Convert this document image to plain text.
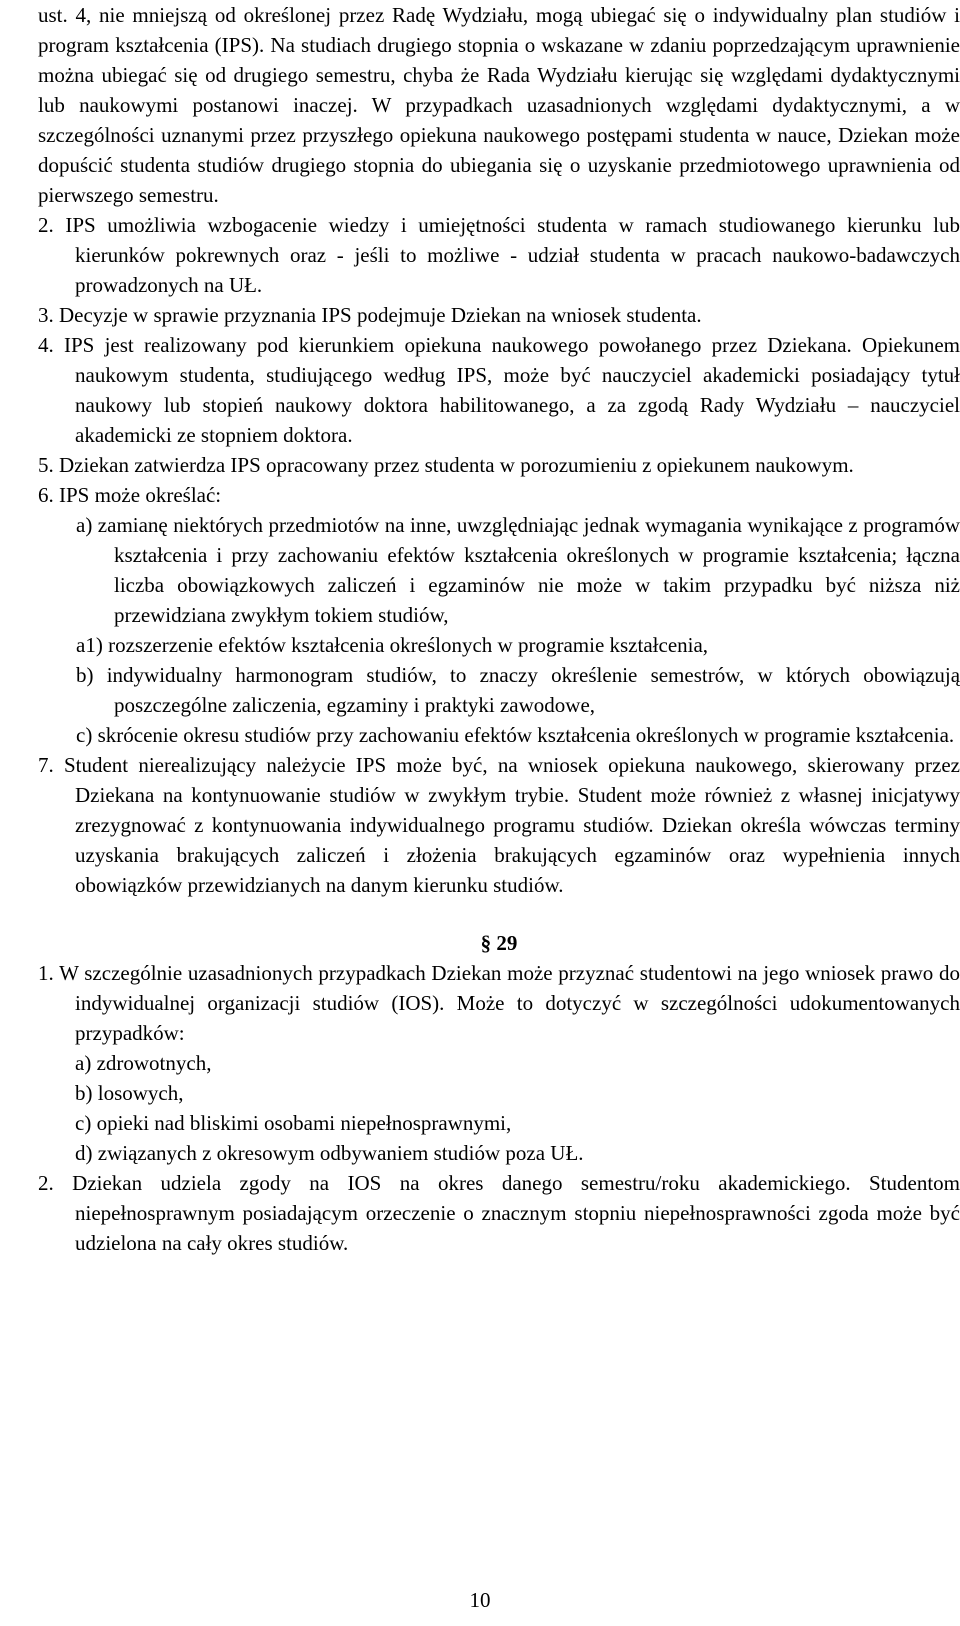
ust. 4, nie mniejszą od określonej przez Radę Wydziału, mogą ubiegać się o indywidualny plan studiów i program kształcenia (IPS). Na studiach drugiego stopnia o wskazane w zdaniu poprzedzającym uprawnienie można ubiegać się od drugiego semestru, chyba że Rada Wydziału kierując się względami dydaktycznymi lub naukowymi postanowi inaczej. W przypadkach uzasadnionych względami dydaktycznymi, a w szczególności uznanymi przez przyszłego opiekuna naukowego postępami studenta w nauce, Dziekan może dopuścić studenta studiów drugiego stopnia do ubiegania się o uzyskanie przedmiotowego uprawnienia od pierwszego semestru.

2. IPS umożliwia wzbogacenie wiedzy i umiejętności studenta w ramach studiowanego kierunku lub kierunków pokrewnych oraz - jeśli to możliwe - udział studenta w pracach naukowo-badawczych prowadzonych na UŁ.

3. Decyzje w sprawie przyznania IPS podejmuje Dziekan na wniosek studenta.

4. IPS jest realizowany pod kierunkiem opiekuna naukowego powołanego przez Dziekana. Opiekunem naukowym studenta, studiującego według IPS, może być nauczyciel akademicki posiadający tytuł naukowy lub stopień naukowy doktora habilitowanego, a za zgodą Rady Wydziału – nauczyciel akademicki ze stopniem doktora.

5. Dziekan zatwierdza IPS opracowany przez studenta w porozumieniu z opiekunem naukowym.

6. IPS może określać:

a) zamianę niektórych przedmiotów na inne, uwzględniając jednak wymagania wynikające z programów kształcenia i przy zachowaniu efektów kształcenia określonych w programie kształcenia; łączna liczba obowiązkowych zaliczeń i egzaminów nie może w takim przypadku być niższa niż przewidziana zwykłym tokiem studiów,

a1) rozszerzenie efektów kształcenia określonych w programie kształcenia,

b) indywidualny harmonogram studiów, to znaczy określenie semestrów, w których obowiązują poszczególne zaliczenia, egzaminy i praktyki zawodowe,

c) skrócenie okresu studiów przy zachowaniu efektów kształcenia określonych w programie kształcenia.

7. Student nierealizujący należycie IPS może być, na wniosek opiekuna naukowego, skierowany przez Dziekana na kontynuowanie studiów w zwykłym trybie. Student może również z własnej inicjatywy zrezygnować z kontynuowania indywidualnego programu studiów. Dziekan określa wówczas terminy uzyskania brakujących zaliczeń i złożenia brakujących egzaminów oraz wypełnienia innych obowiązków przewidzianych na danym kierunku studiów.

§ 29

1. W szczególnie uzasadnionych przypadkach Dziekan może przyznać studentowi na jego wniosek prawo do indywidualnej organizacji studiów (IOS). Może to dotyczyć w szczególności udokumentowanych przypadków:

a) zdrowotnych,

b) losowych,

c) opieki nad bliskimi osobami niepełnosprawnymi,

d) związanych z okresowym odbywaniem studiów poza UŁ.

2. Dziekan udziela zgody na IOS na okres danego semestru/roku akademickiego. Studentom niepełnosprawnym posiadającym orzeczenie o znacznym stopniu niepełnosprawności zgoda może być udzielona na cały okres studiów.

10
